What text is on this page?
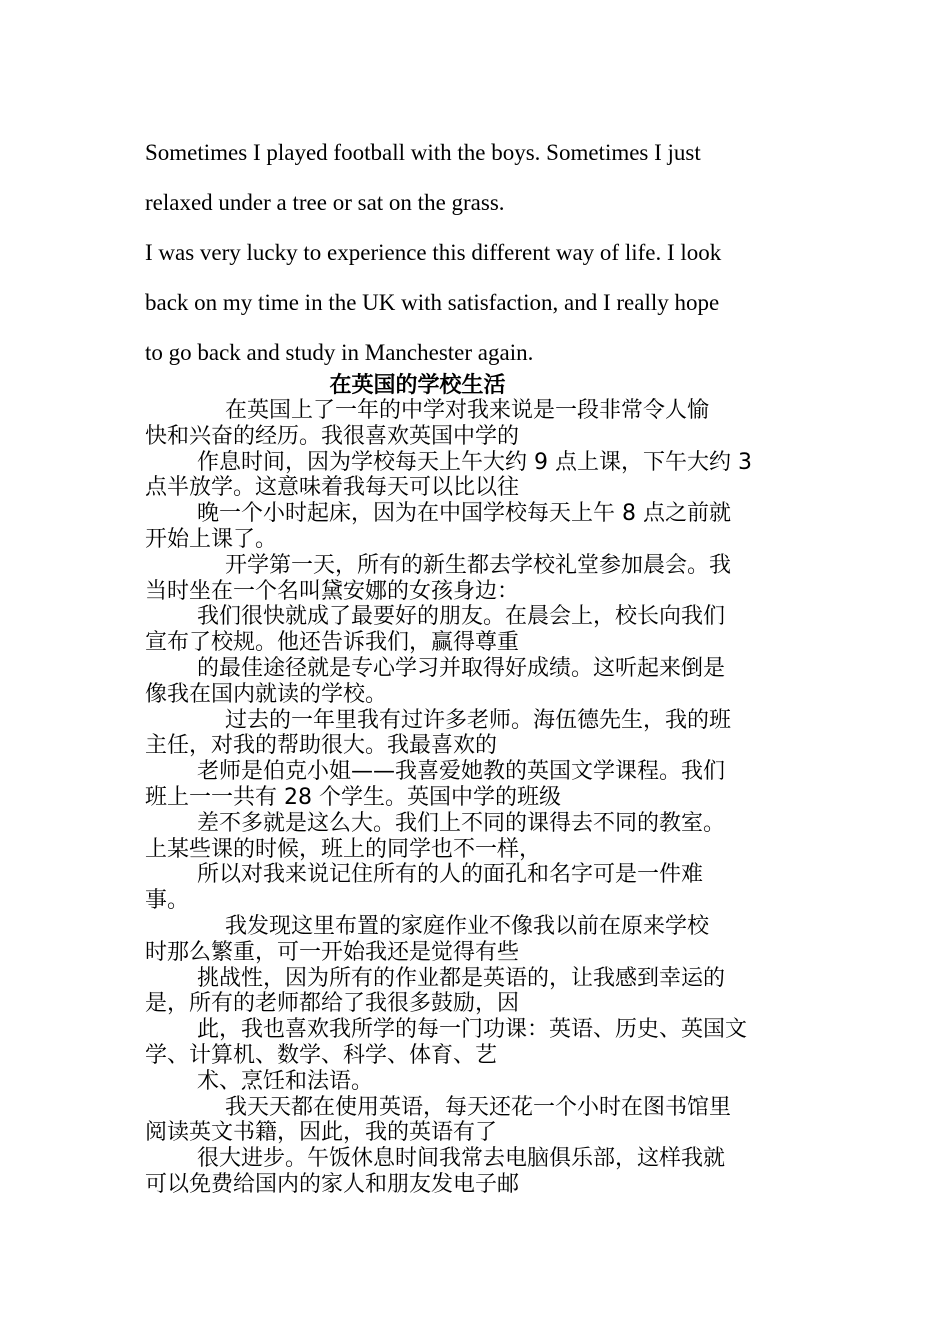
Sometimes I played football with the boys. Sometimes I just
relaxed under a tree or sat on the grass.
I was very lucky to experience this different way of life. I look
back on my time in the UK with satisfaction, and I really hope
to go back and study in Manchester again.
在英国的学校生活
在英国上了一年的中学对我来说是一段非常令人愉
快和兴奋的经历。我很喜欢英国中学的
作息时间，因为学校每天上午大约 9 点上课，下午大约 3
点半放学。这意味着我每天可以比以往
晚一个小时起床，因为在中国学校每天上午 8 点之前就
开始上课了。
开学第一天，所有的新生都去学校礼堂参加晨会。我
当时坐在一个名叫黛安娜的女孩身边：
我们很快就成了最要好的朋友。在晨会上，校长向我们
宣布了校规。他还告诉我们，赢得尊重
的最佳途径就是专心学习并取得好成绩。这听起来倒是
像我在国内就读的学校。
过去的一年里我有过许多老师。海伍德先生，我的班
主任，对我的帮助很大。我最喜欢的
老师是伯克小姐——我喜爱她教的英国文学课程。我们
班上一一共有 28 个学生。英国中学的班级
差不多就是这么大。我们上不同的课得去不同的教室。
上某些课的时候，班上的同学也不一样，
所以对我来说记住所有的人的面孔和名字可是一件难
事。
我发现这里布置的家庭作业不像我以前在原来学校
时那么繁重，可一开始我还是觉得有些
挑战性，因为所有的作业都是英语的，让我感到幸运的
是，所有的老师都给了我很多鼓励，因
此，我也喜欢我所学的每一门功课：英语、历史、英国文
学、计算机、数学、科学、体育、艺
术、烹饪和法语。
我天天都在使用英语，每天还花一个小时在图书馆里
阅读英文书籍，因此，我的英语有了
很大进步。午饭休息时间我常去电脑俱乐部，这样我就
可以免费给国内的家人和朋友发电子邮
